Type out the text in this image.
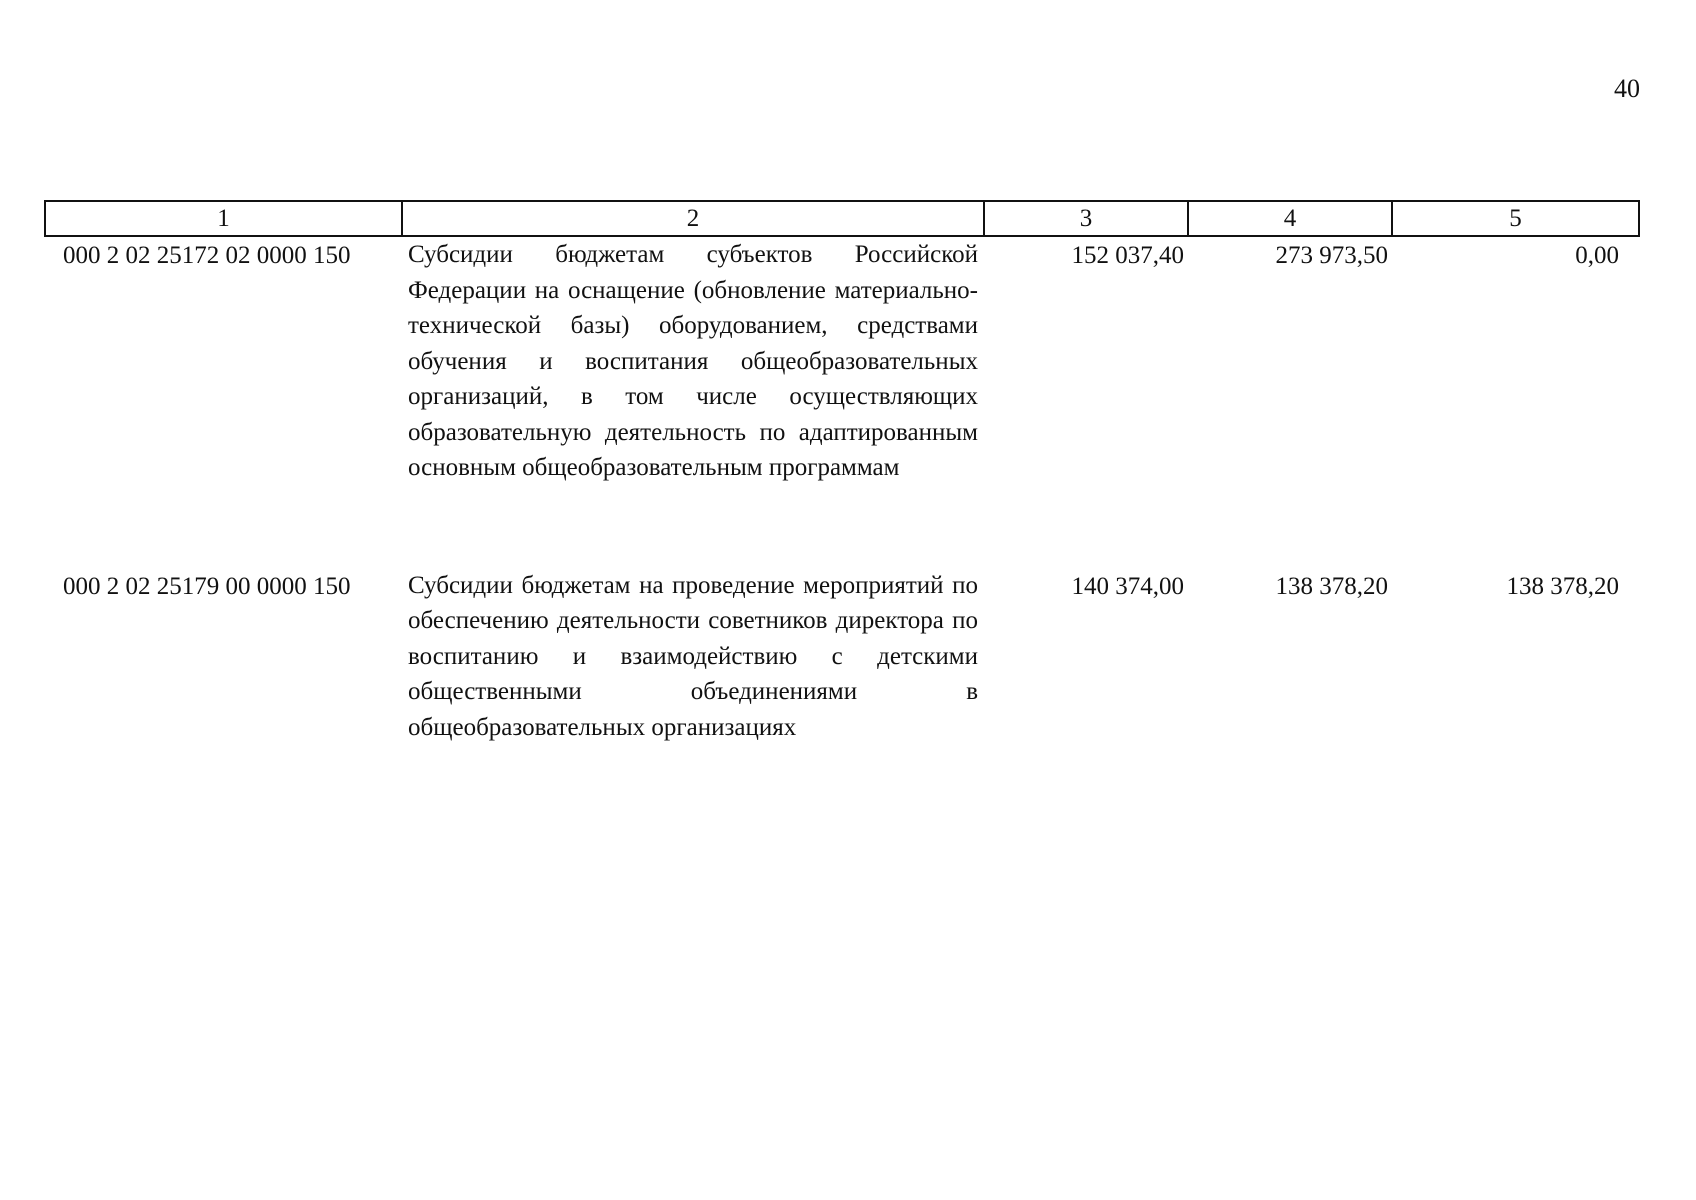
40
1	2	3	4	5
000 2 02 25172 02 0000 150	Субсидии бюджетам субъектов Российской Федерации на оснащение (обновление материально-технической базы) оборудованием, средствами обучения и воспитания общеобразовательных организаций, в том числе осуществляющих образовательную деятельность по адаптированным основным общеобразовательным программам	152 037,40	273 973,50	0,00

000 2 02 25179 00 0000 150	Субсидии бюджетам на проведение мероприятий по обеспечению деятельности советников директора по воспитанию и взаимодействию с детскими общественными объединениями в общеобразовательных организациях	140 374,00	138 378,20	138 378,20
